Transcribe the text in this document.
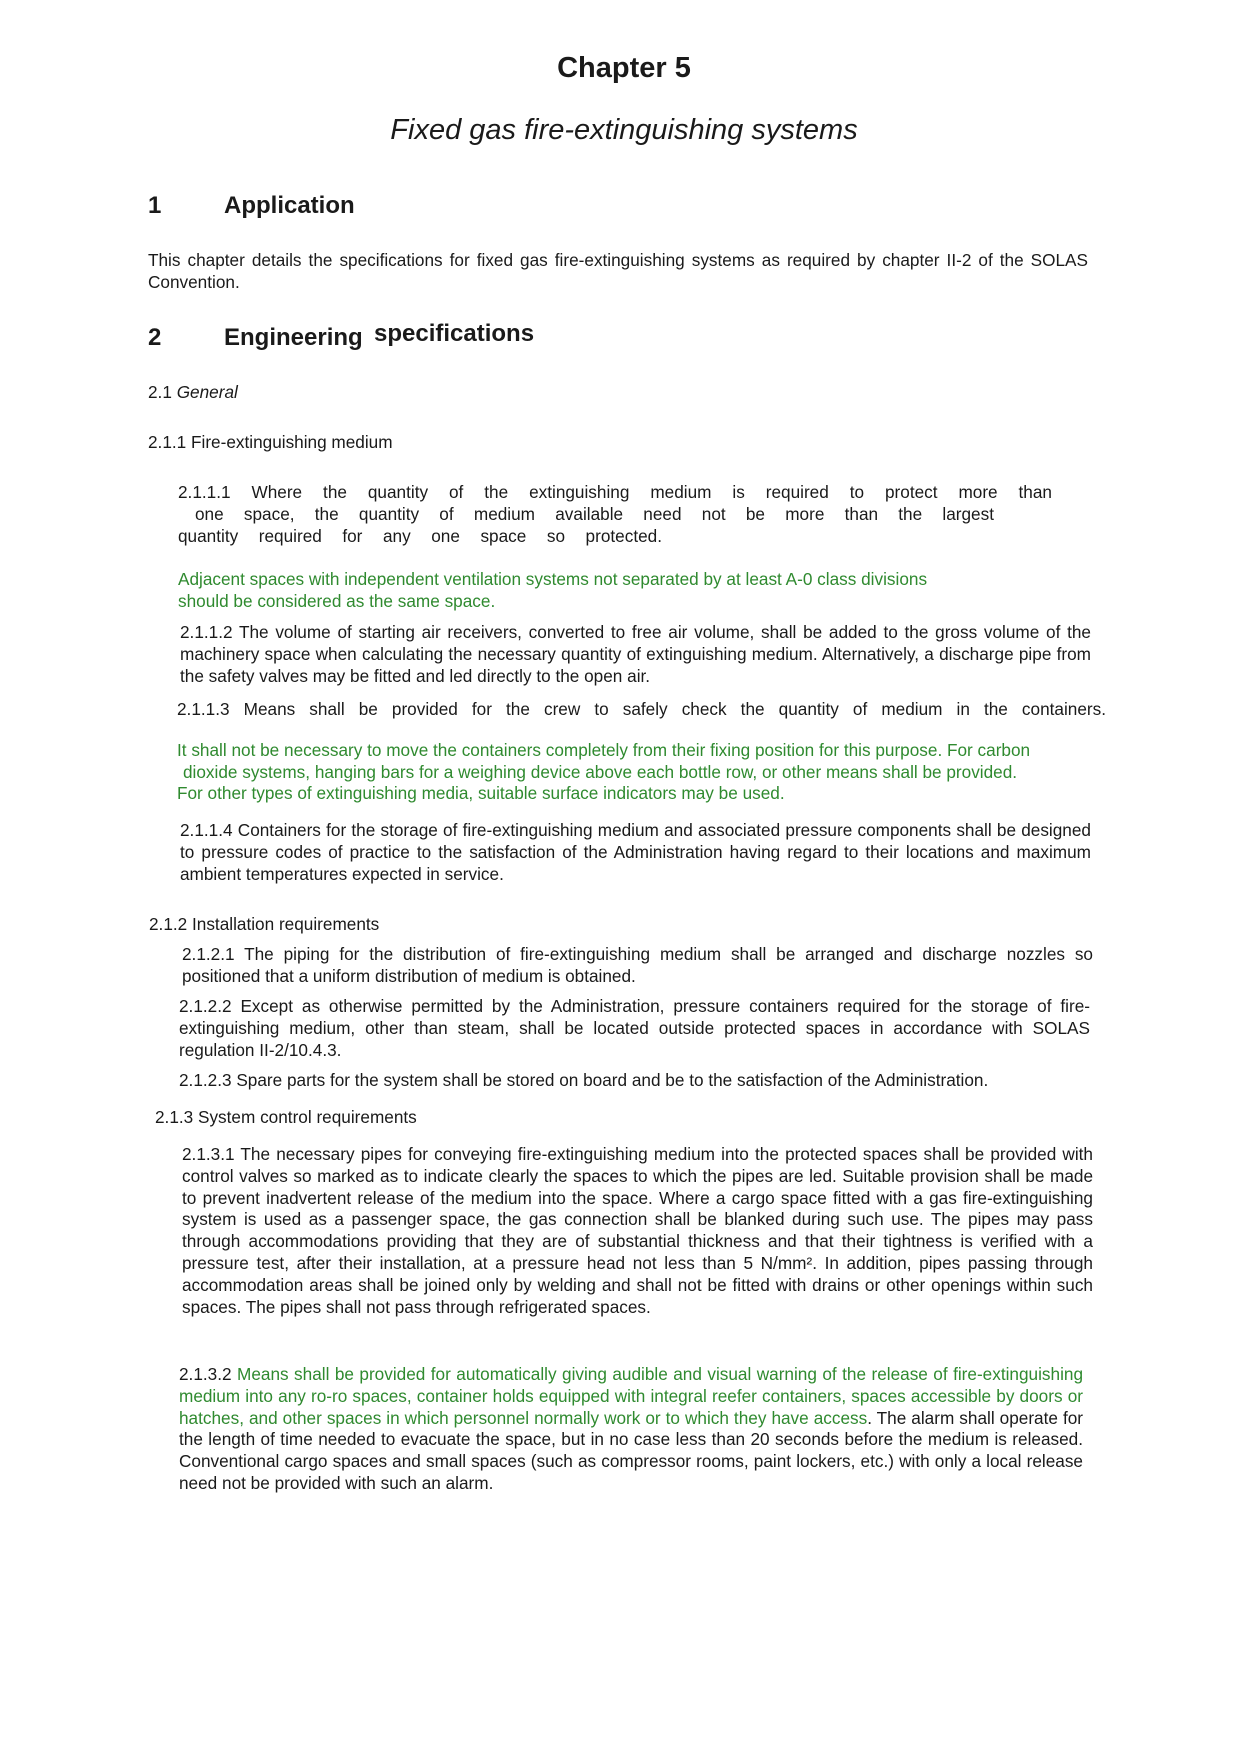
Chapter 5
Fixed gas fire-extinguishing systems
1	Application
This chapter details the specifications for fixed gas fire-extinguishing systems as required by chapter II-2 of the SOLAS Convention.
2	Engineering specifications
2.1 General
2.1.1 Fire-extinguishing medium
2.1.1.1 Where the quantity of the extinguishing medium is required to protect more than
one space, the quantity of medium available need not be more than the largest
quantity required for any one space so protected.
Adjacent spaces with independent ventilation systems not separated by at least A-0 class divisions
should be considered as the same space.
2.1.1.2 The volume of starting air receivers, converted to free air volume, shall be added to the gross volume of the machinery space when calculating the necessary quantity of extinguishing medium. Alternatively, a discharge pipe from the safety valves may be fitted and led directly to the open air.
2.1.1.3 Means shall be provided for the crew to safely check the quantity of medium in the containers.
It shall not be necessary to move the containers completely from their fixing position for this purpose. For carbon
dioxide systems, hanging bars for a weighing device above each bottle row, or other means shall be provided.
For other types of extinguishing media, suitable surface indicators may be used.
2.1.1.4 Containers for the storage of fire-extinguishing medium and associated pressure components shall be designed to pressure codes of practice to the satisfaction of the Administration having regard to their locations and maximum ambient temperatures expected in service.
2.1.2 Installation requirements
2.1.2.1 The piping for the distribution of fire-extinguishing medium shall be arranged and discharge nozzles so positioned that a uniform distribution of medium is obtained.
2.1.2.2 Except as otherwise permitted by the Administration, pressure containers required for the storage of fire-extinguishing medium, other than steam, shall be located outside protected spaces in accordance with SOLAS regulation II-2/10.4.3.
2.1.2.3 Spare parts for the system shall be stored on board and be to the satisfaction of the Administration.
2.1.3 System control requirements
2.1.3.1 The necessary pipes for conveying fire-extinguishing medium into the protected spaces shall be provided with control valves so marked as to indicate clearly the spaces to which the pipes are led. Suitable provision shall be made to prevent inadvertent release of the medium into the space. Where a cargo space fitted with a gas fire-extinguishing system is used as a passenger space, the gas connection shall be blanked during such use. The pipes may pass through accommodations providing that they are of substantial thickness and that their tightness is verified with a pressure test, after their installation, at a pressure head not less than 5 N/mm². In addition, pipes passing through accommodation areas shall be joined only by welding and shall not be fitted with drains or other openings within such spaces. The pipes shall not pass through refrigerated spaces.
2.1.3.2 Means shall be provided for automatically giving audible and visual warning of the release of fire-extinguishing medium into any ro-ro spaces, container holds equipped with integral reefer containers, spaces accessible by doors or hatches, and other spaces in which personnel normally work or to which they have access. The alarm shall operate for the length of time needed to evacuate the space, but in no case less than 20 seconds before the medium is released. Conventional cargo spaces and small spaces (such as compressor rooms, paint lockers, etc.) with only a local release need not be provided with such an alarm.
